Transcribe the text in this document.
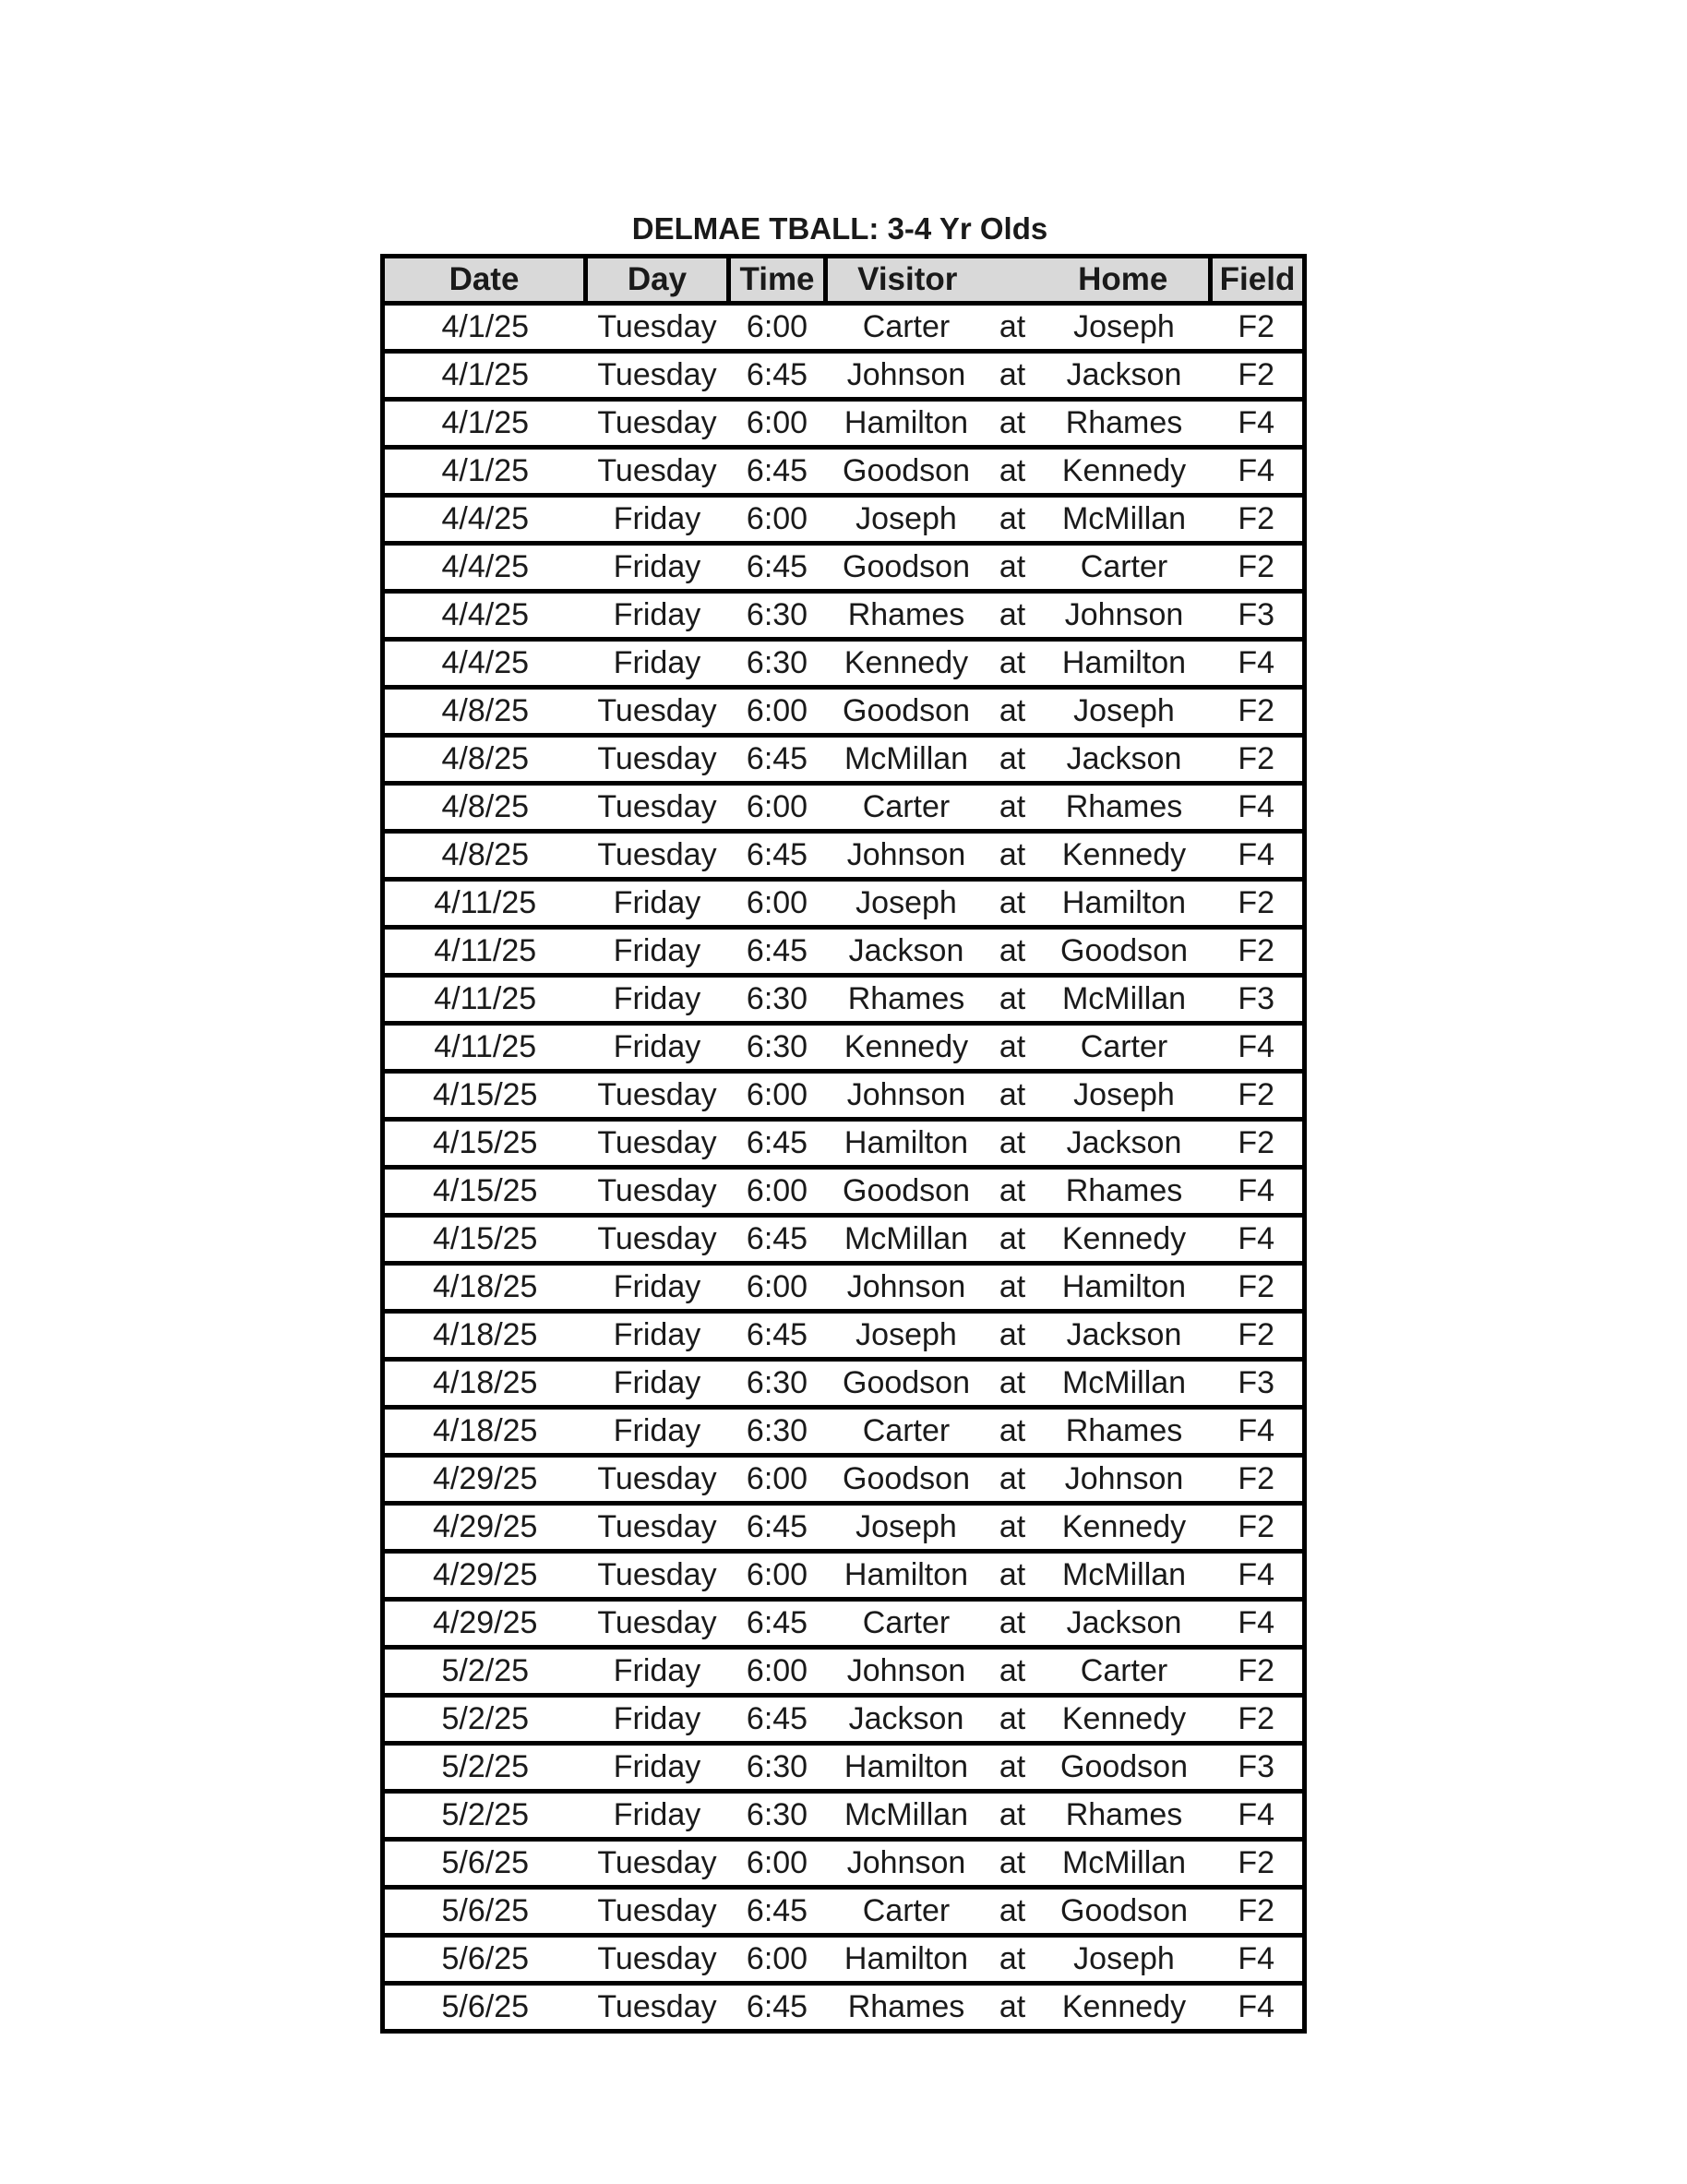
DELMAE TBALL: 3-4 Yr Olds
Date	Day	Time	Visitor		Home	Field
4/1/25	Tuesday	6:00	Carter	at	Joseph	F2
4/1/25	Tuesday	6:45	Johnson	at	Jackson	F2
4/1/25	Tuesday	6:00	Hamilton	at	Rhames	F4
4/1/25	Tuesday	6:45	Goodson	at	Kennedy	F4
4/4/25	Friday	6:00	Joseph	at	McMillan	F2
4/4/25	Friday	6:45	Goodson	at	Carter	F2
4/4/25	Friday	6:30	Rhames	at	Johnson	F3
4/4/25	Friday	6:30	Kennedy	at	Hamilton	F4
4/8/25	Tuesday	6:00	Goodson	at	Joseph	F2
4/8/25	Tuesday	6:45	McMillan	at	Jackson	F2
4/8/25	Tuesday	6:00	Carter	at	Rhames	F4
4/8/25	Tuesday	6:45	Johnson	at	Kennedy	F4
4/11/25	Friday	6:00	Joseph	at	Hamilton	F2
4/11/25	Friday	6:45	Jackson	at	Goodson	F2
4/11/25	Friday	6:30	Rhames	at	McMillan	F3
4/11/25	Friday	6:30	Kennedy	at	Carter	F4
4/15/25	Tuesday	6:00	Johnson	at	Joseph	F2
4/15/25	Tuesday	6:45	Hamilton	at	Jackson	F2
4/15/25	Tuesday	6:00	Goodson	at	Rhames	F4
4/15/25	Tuesday	6:45	McMillan	at	Kennedy	F4
4/18/25	Friday	6:00	Johnson	at	Hamilton	F2
4/18/25	Friday	6:45	Joseph	at	Jackson	F2
4/18/25	Friday	6:30	Goodson	at	McMillan	F3
4/18/25	Friday	6:30	Carter	at	Rhames	F4
4/29/25	Tuesday	6:00	Goodson	at	Johnson	F2
4/29/25	Tuesday	6:45	Joseph	at	Kennedy	F2
4/29/25	Tuesday	6:00	Hamilton	at	McMillan	F4
4/29/25	Tuesday	6:45	Carter	at	Jackson	F4
5/2/25	Friday	6:00	Johnson	at	Carter	F2
5/2/25	Friday	6:45	Jackson	at	Kennedy	F2
5/2/25	Friday	6:30	Hamilton	at	Goodson	F3
5/2/25	Friday	6:30	McMillan	at	Rhames	F4
5/6/25	Tuesday	6:00	Johnson	at	McMillan	F2
5/6/25	Tuesday	6:45	Carter	at	Goodson	F2
5/6/25	Tuesday	6:00	Hamilton	at	Joseph	F4
5/6/25	Tuesday	6:45	Rhames	at	Kennedy	F4
